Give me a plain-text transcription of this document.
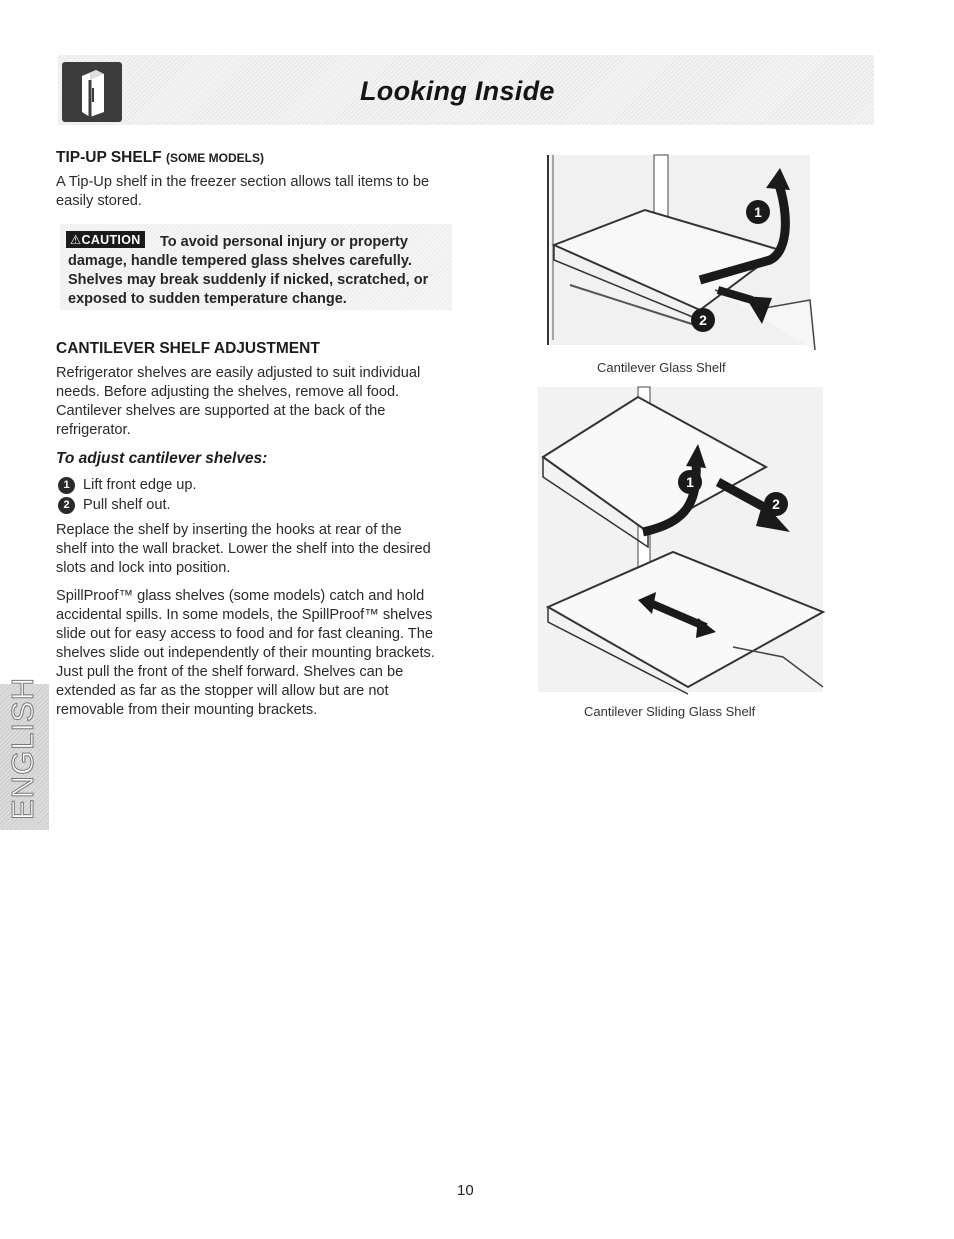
Looking Inside
TIP-UP SHELF (SOME MODELS)
A Tip-Up shelf in the freezer section allows tall items to be
easily stored.
To avoid personal injury or property damage, handle tempered glass shelves carefully. Shelves may break suddenly if nicked, scratched, or exposed to sudden temperature change.
⚠CAUTION
CANTILEVER SHELF ADJUSTMENT
Refrigerator shelves are easily adjusted to suit individual
needs. Before adjusting the shelves, remove all food.
Cantilever shelves are supported at the back of the
refrigerator.
To adjust cantilever shelves:
1 Lift front edge up.
2 Pull shelf out.
Replace the shelf by inserting the hooks at rear of the
shelf into the wall bracket. Lower the shelf into the desired
slots and lock into position.
SpillProof™ glass shelves (some models) catch and hold
accidental spills. In some models, the SpillProof™ shelves
slide out for easy access to food and for fast cleaning. The
shelves slide out independently of their mounting brackets.
Just pull the front of the shelf forward. Shelves can be
extended as far as the stopper will allow but are not
removable from their mounting brackets.
1
2
Cantilever Glass Shelf
2
1
Cantilever Sliding Glass Shelf
ENGLISH
10
